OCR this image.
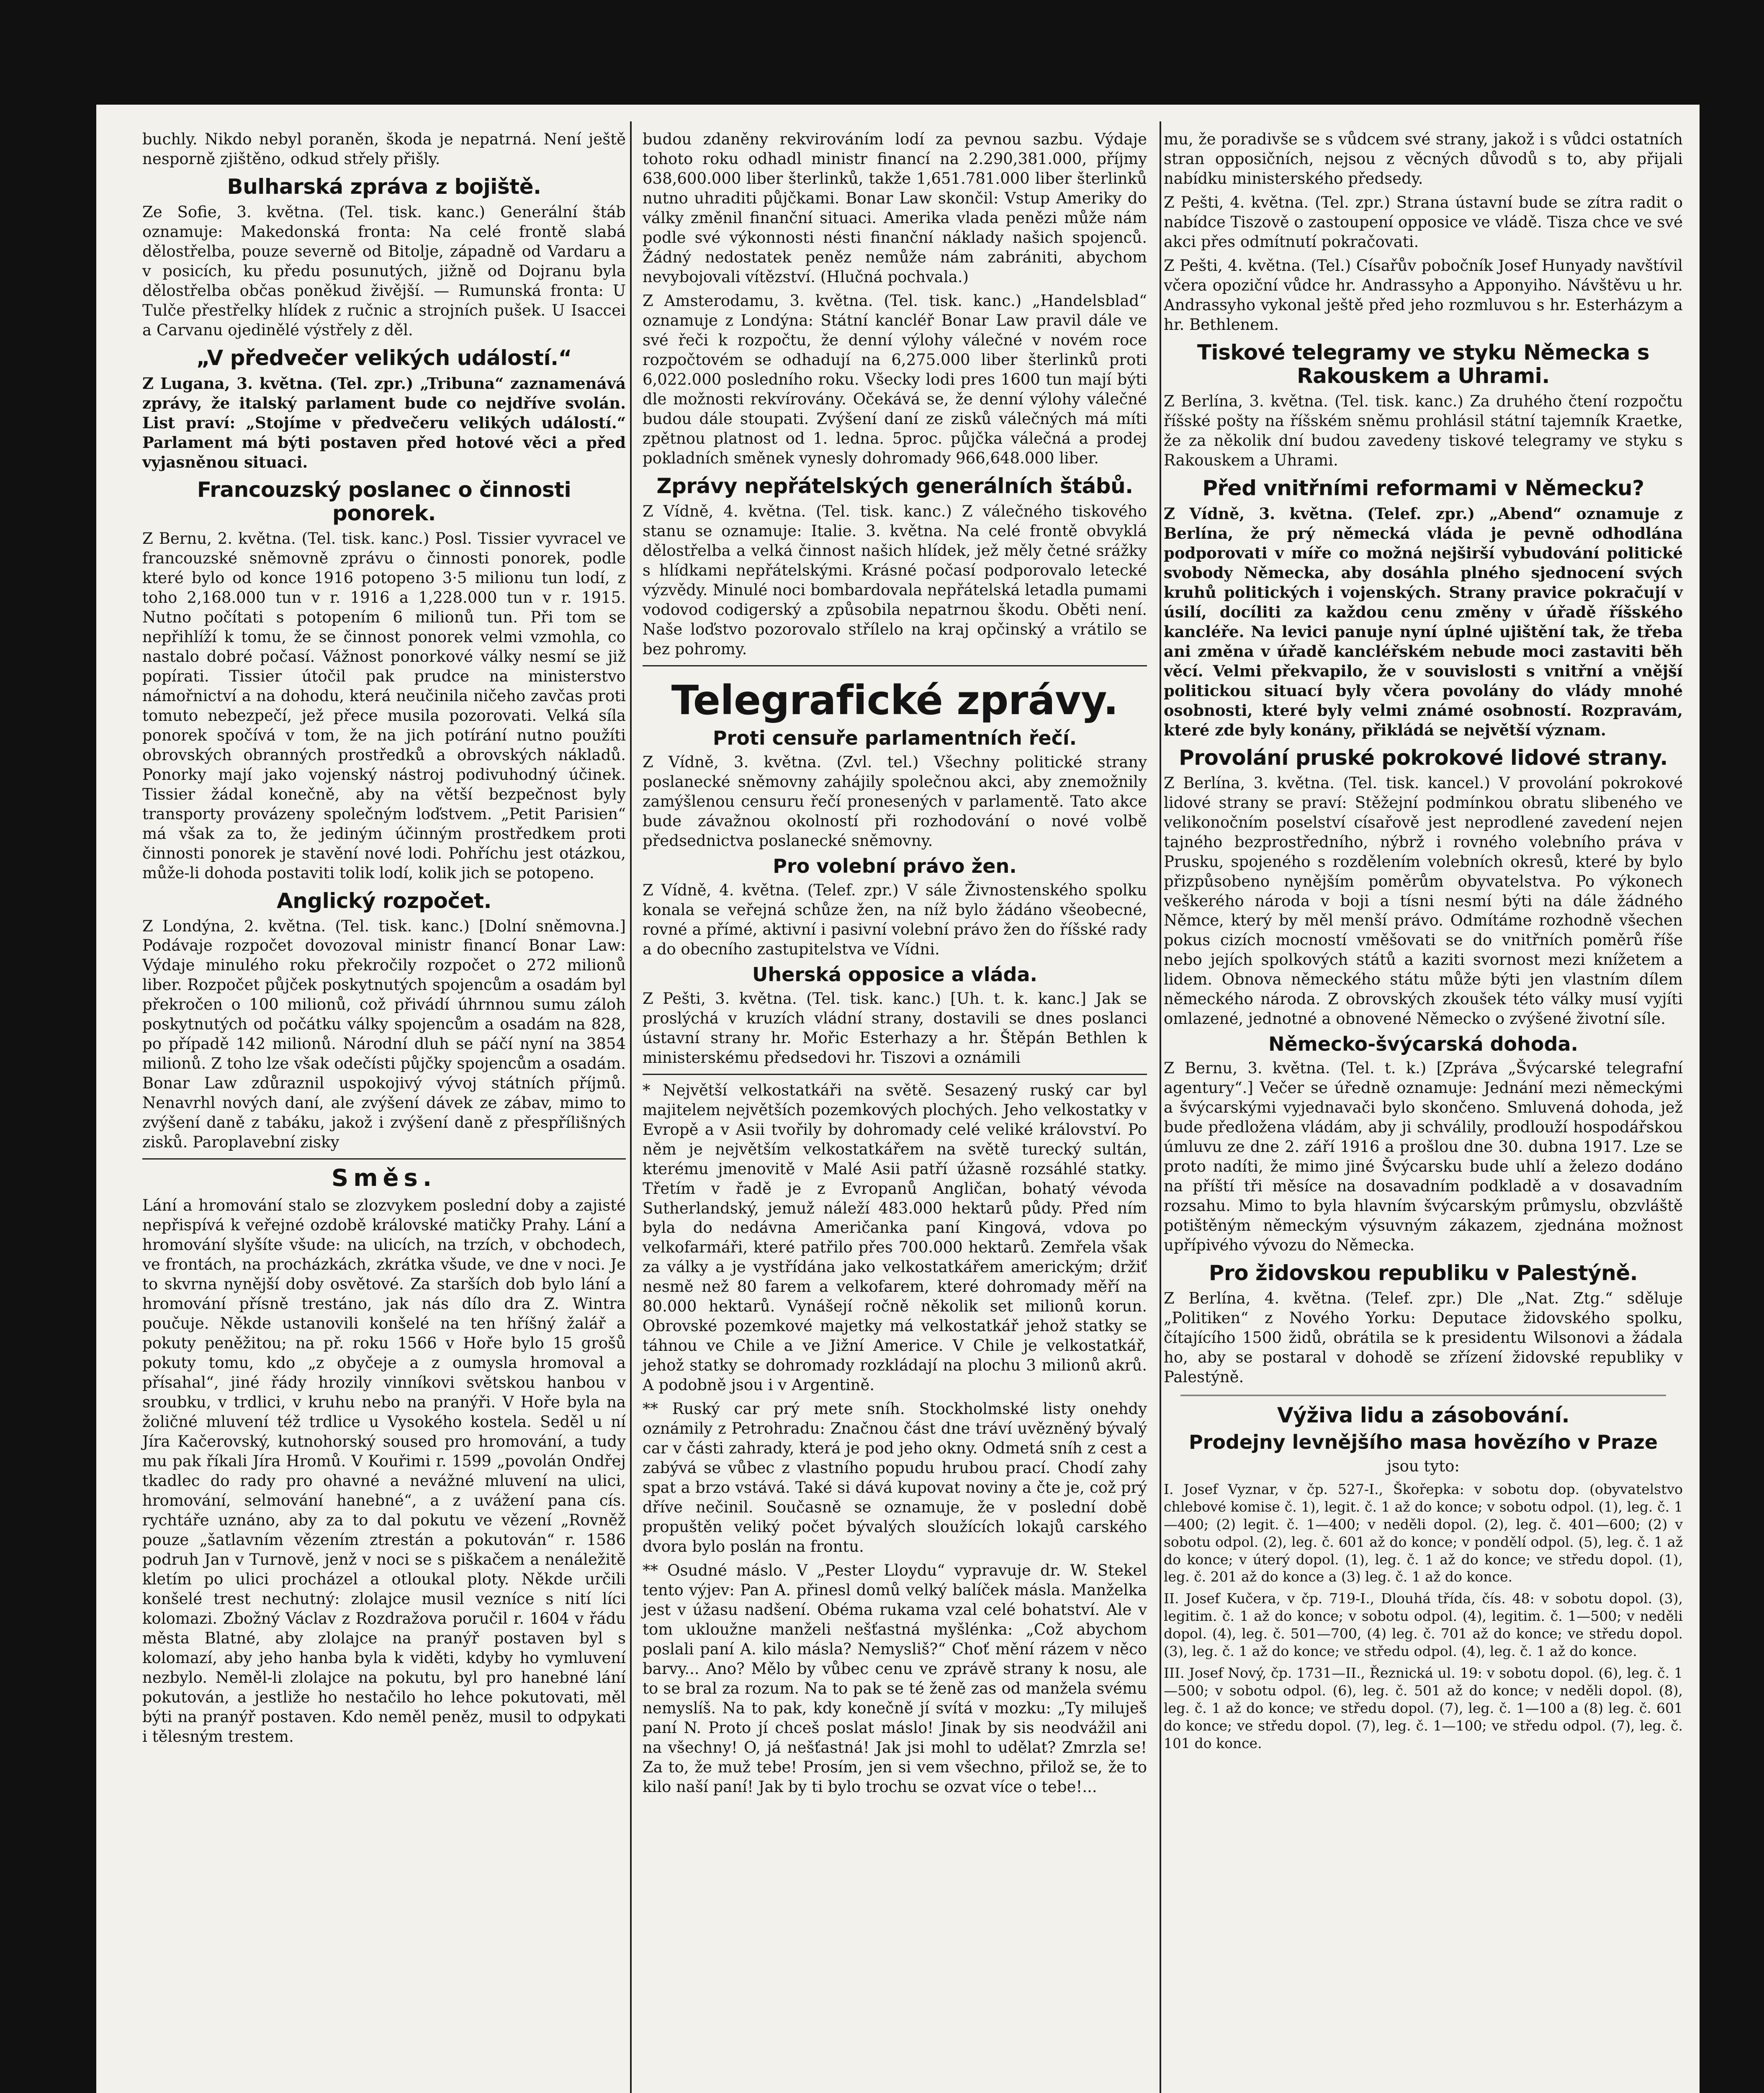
buchly. Nikdo nebyl poraněn, škoda je nepatrná. Není ještě nesporně zjištěno, odkud střely přišly.

Bulharská zpráva z bojiště.

Ze Sofie, 3. května. (Tel. tisk. kanc.) Generální štáb oznamuje: Makedonská fronta: Na celé frontě slabá dělostřelba, pouze severně od Bitolje, západně od Vardaru a v posicích, ku předu posunutých, jižně od Dojranu byla dělostřelba občas poněkud živější. — Rumunská fronta: U Tulče přestřelky hlídek z ručnic a strojních pušek. U Isaccei a Carvanu ojedinělé výstřely z děl.

„V předvečer velikých událostí.“

Z Lugana, 3. května. (Tel. zpr.) „Tribuna“ zaznamenává zprávy, že italský parlament bude co nejdříve svolán. List praví: „Stojíme v předvečeru velikých událostí.“ Parlament má býti postaven před hotové věci a před vyjasněnou situaci.

Francouzský poslanec o činnosti ponorek.

Z Bernu, 2. května. (Tel. tisk. kanc.) Posl. Tissier vyvracel ve francouzské sněmovně zprávu o činnosti ponorek, podle které bylo od konce 1916 potopeno 3·5 milionu tun lodí, z toho 2,168.000 tun v r. 1916 a 1,228.000 tun v r. 1915. Nutno počítati s potopením 6 milionů tun. Při tom se nepřihlíží k tomu, že se činnost ponorek velmi vzmohla, co nastalo dobré počasí. Vážnost ponorkové války nesmí se již popírati. Tissier útočil pak prudce na ministerstvo námořnictví a na dohodu, která neučinila ničeho zavčas proti tomuto nebezpečí, jež přece musila pozorovati. Velká síla ponorek spočívá v tom, že na jich potírání nutno použíti obrovských obranných prostředků a obrovských nákladů. Ponorky mají jako vojenský nástroj podivuhodný účinek. Tissier žádal konečně, aby na větší bezpečnost byly transporty provázeny společným loďstvem. „Petit Parisien“ má však za to, že jediným účinným prostředkem proti činnosti ponorek je stavění nové lodi. Pohříchu jest otázkou, může-li dohoda postaviti tolik lodí, kolik jich se potopeno.

Anglický rozpočet.

Z Londýna, 2. května. (Tel. tisk. kanc.) [Dolní sněmovna.] Podávaje rozpočet dovozoval ministr financí Bonar Law: Výdaje minulého roku překročily rozpočet o 272 milionů liber. Rozpočet půjček poskytnutých spojencům a osadám byl překročen o 100 milionů, což přivádí úhrnnou sumu záloh poskytnutých od počátku války spojencům a osadám na 828, po případě 142 milionů. Národní dluh se páčí nyní na 3854 milionů. Z toho lze však odečísti půjčky spojencům a osadám. Bonar Law zdůraznil uspokojivý vývoj státních příjmů. Nenavrhl nových daní, ale zvýšení dávek ze zábav, mimo to zvýšení daně z tabáku, jakož i zvýšení daně z přespřílišných zisků. Paroplavební zisky

Směs.

Lání a hromování stalo se zlozvykem poslední doby a zajisté nepřispívá k veřejné ozdobě královské matičky Prahy. Lání a hromování slyšíte všude: na ulicích, na trzích, v obchodech, ve frontách, na procházkách, zkrátka všude, ve dne v noci. Je to skvrna nynější doby osvětové. Za starších dob bylo lání a hromování přísně trestáno, jak nás dílo dra Z. Wintra poučuje. Někde ustanovili konšelé na ten hříšný žalář a pokuty peněžitou; na př. roku 1566 v Hoře bylo 15 grošů pokuty tomu, kdo „z obyčeje a z oumysla hromoval a přísahal“, jiné řády hrozily vinníkovi světskou hanbou v sroubku, v trdlici, v kruhu nebo na pranýři. V Hoře byla na žoličné mluvení též trdlice u Vysokého kostela. Seděl u ní Jíra Kačerovský, kutnohorský soused pro hromování, a tudy mu pak říkali Jíra Hromů. V Kouřimi r. 1599 „povolán Ondřej tkadlec do rady pro ohavné a nevážné mluvení na ulici, hromování, selmování hanebné“, a z uvážení pana cís. rychtáře uznáno, aby za to dal pokutu ve vězení „Rovněž pouze „šatlavním vězením ztrestán a pokutován“ r. 1586 podruh Jan v Turnově, jenž v noci se s piškačem a nenáležitě kletím po ulici procházel a otloukal ploty. Někde určili konšelé trest nechutný: zlolajce musil vezníce s nití líci kolomazi. Zbožný Václav z Rozdražova poručil r. 1604 v řádu města Blatné, aby zlolajce na pranýř postaven byl s kolomazí, aby jeho hanba byla k viděti, kdyby ho vymluvení nezbylo. Neměl-li zlolajce na pokutu, byl pro hanebné lání pokutován, a jestliže ho nestačilo ho lehce pokutovati, měl býti na pranýř postaven. Kdo neměl peněz, musil to odpykati i tělesným trestem.

budou zdaněny rekvirováním lodí za pevnou sazbu. Výdaje tohoto roku odhadl ministr financí na 2.290,381.000, příjmy 638,600.000 liber šterlinků, takže 1,651.781.000 liber šterlinků nutno uhraditi půjčkami. Bonar Law skončil: Vstup Ameriky do války změnil finanční situaci. Amerika vlada penězi může nám podle své výkonnosti nésti finanční náklady našich spojenců. Žádný nedostatek peněz nemůže nám zabrániti, abychom nevybojovali vítězství. (Hlučná pochvala.)

Z Amsterodamu, 3. května. (Tel. tisk. kanc.) „Handelsblad“ oznamuje z Londýna: Státní kancléř Bonar Law pravil dále ve své řeči k rozpočtu, že denní výlohy válečné v novém roce rozpočtovém se odhadují na 6,275.000 liber šterlinků proti 6,022.000 posledního roku. Všecky lodi pres 1600 tun mají býti dle možnosti rekvírovány. Očekává se, že denní výlohy válečné budou dále stoupati. Zvýšení daní ze zisků válečných má míti zpětnou platnost od 1. ledna. 5proc. půjčka válečná a prodej pokladních směnek vynesly dohromady 966,648.000 liber.

Zprávy nepřátelských generálních štábů.

Z Vídně, 4. května. (Tel. tisk. kanc.) Z válečného tiskového stanu se oznamuje: Italie. 3. května. Na celé frontě obvyklá dělostřelba a velká činnost našich hlídek, jež měly četné srážky s hlídkami nepřátelskými. Krásné počasí podporovalo letecké výzvědy. Minulé noci bombardovala nepřátelská letadla pumami vodovod codigerský a způsobila nepatrnou škodu. Oběti není. Naše loďstvo pozorovalo střílelo na kraj opčinský a vrátilo se bez pohromy.

Telegrafické zprávy.
Proti censuře parlamentních řečí.

Z Vídně, 3. května. (Zvl. tel.) Všechny politické strany poslanecké sněmovny zahájily společnou akci, aby znemožnily zamýšlenou censuru řečí pronesených v parlamentě. Tato akce bude závažnou okolností při rozhodování o nové volbě předsednictva poslanecké sněmovny.

Pro volební právo žen.

Z Vídně, 4. května. (Telef. zpr.) V sále Živnostenského spolku konala se veřejná schůze žen, na níž bylo žádáno všeobecné, rovné a přímé, aktivní i pasivní volební právo žen do říšské rady a do obecního zastupitelstva ve Vídni.

Uherská opposice a vláda.

Z Pešti, 3. května. (Tel. tisk. kanc.) [Uh. t. k. kanc.] Jak se proslýchá v kruzích vládní strany, dostavili se dnes poslanci ústavní strany hr. Mořic Esterhazy a hr. Štěpán Bethlen k ministerskému předsedovi hr. Tiszovi a oznámili

* Největší velkostatkáři na světě. Sesazený ruský car byl majitelem největších pozemkových plochých. Jeho velkostatky v Evropě a v Asii tvořily by dohromady celé veliké království. Po něm je největším velkostatkářem na světě turecký sultán, kterému jmenovitě v Malé Asii patří úžasně rozsáhlé statky. Třetím v řadě je z Evropanů Angličan, bohatý vévoda Sutherlandský, jemuž náleží 483.000 hektarů půdy. Před ním byla do nedávna Američanka paní Kingová, vdova po velkofarmáři, které patřilo přes 700.000 hektarů. Zemřela však za války a je vystřídána jako velkostatkářem americkým; držiť nesmě než 80 farem a velkofarem, které dohromady měří na 80.000 hektarů. Vynášejí ročně několik set milionů korun. Obrovské pozemkové majetky má velkostatkář jehož statky se táhnou ve Chile a ve Jižní Americe. V Chile je velkostatkář, jehož statky se dohromady rozkládají na plochu 3 milionů akrů. A podobně jsou i v Argentině.

** Ruský car prý mete sníh. Stockholmské listy onehdy oznámily z Petrohradu: Značnou část dne tráví uvězněný bývalý car v části zahrady, která je pod jeho okny. Odmetá sníh z cest a zabývá se vůbec z vlastního popudu hrubou prací. Chodí zahy spat a brzo vstává. Také si dává kupovat noviny a čte je, což prý dříve nečinil. Současně se oznamuje, že v poslední době propuštěn veliký počet bývalých sloužících lokajů carského dvora bylo poslán na frontu.

** Osudné máslo. V „Pester Lloydu“ vypravuje dr. W. Stekel tento výjev: Pan A. přinesl domů velký balíček másla. Manželka jest v úžasu nadšení. Obéma rukama vzal celé bohatství. Ale v tom ukloužne manželi nešťastná myšlénka: „Což abychom poslali paní A. kilo másla? Nemysliš?“ Choť mění rázem v něco barvy... Ano? Mělo by vůbec cenu ve zprávě strany k nosu, ale to se bral za rozum. Na to pak se té ženě zas od manžela svému nemyslíš. Na to pak, kdy konečně jí svítá v mozku: „Ty miluješ paní N. Proto jí chceš poslat máslo! Jinak by sis neodvážil ani na všechny! O, já nešťastná! Jak jsi mohl to udělat? Zmrzla se! Za to, že muž tebe! Prosím, jen si vem všechno, přilož se, že to kilo naší paní! Jak by ti bylo trochu se ozvat více o tebe!...

mu, že poradivše se s vůdcem své strany, jakož i s vůdci ostatních stran opposičních, nejsou z věcných důvodů s to, aby přijali nabídku ministerského předsedy.

Z Pešti, 4. května. (Tel. zpr.) Strana ústavní bude se zítra radit o nabídce Tiszově o zastoupení opposice ve vládě. Tisza chce ve své akci přes odmítnutí pokračovati.

Z Pešti, 4. května. (Tel.) Císařův pobočník Josef Hunyady navštívil včera opoziční vůdce hr. Andrassyho a Apponyiho. Návštěvu u hr. Andrassyho vykonal ještě před jeho rozmluvou s hr. Esterházym a hr. Bethlenem.

Tiskové telegramy ve styku Německa s Rakouskem a Uhrami.

Z Berlína, 3. května. (Tel. tisk. kanc.) Za druhého čtení rozpočtu říšské pošty na říšském sněmu prohlásil státní tajemník Kraetke, že za několik dní budou zavedeny tiskové telegramy ve styku s Rakouskem a Uhrami.

Před vnitřními reformami v Německu?

Z Vídně, 3. května. (Telef. zpr.) „Abend“ oznamuje z Berlína, že prý německá vláda je pevně odhodlána podporovati v míře co možná nejširší vybudování politické svobody Německa, aby dosáhla plného sjednocení svých kruhů politických i vojenských. Strany pravice pokračují v úsilí, docíliti za každou cenu změny v úřadě říšského kancléře. Na levici panuje nyní úplné ujištění tak, že třeba ani změna v úřadě kancléřském nebude moci zastaviti běh věcí. Velmi překvapilo, že v souvislosti s vnitřní a vnější politickou situací byly včera povolány do vlády mnohé osobnosti, které byly velmi známé osobností. Rozpravám, které zde byly konány, přikládá se největší význam.

Provolání pruské pokrokové lidové strany.

Z Berlína, 3. května. (Tel. tisk. kancel.) V provolání pokrokové lidové strany se praví: Stěžejní podmínkou obratu slibeného ve velikonočním poselství císařově jest neprodlené zavedení nejen tajného bezprostředního, nýbrž i rovného volebního práva v Prusku, spojeného s rozdělením volebních okresů, které by bylo přizpůsobeno nynějším poměrům obyvatelstva. Po výkonech veškerého národa v boji a tísni nesmí býti na dále žádného Němce, který by měl menší právo. Odmítáme rozhodně všechen pokus cizích mocností vměšovati se do vnitřních poměrů říše nebo jejích spolkových států a kaziti svornost mezi knížetem a lidem. Obnova německého státu může býti jen vlastním dílem německého národa. Z obrovských zkoušek této války musí vyjíti omlazené, jednotné a obnovené Německo o zvýšené životní síle.

Německo-švýcarská dohoda.

Z Bernu, 3. května. (Tel. t. k.) [Zpráva „Švýcarské telegrafní agentury“.] Večer se úředně oznamuje: Jednání mezi německými a švýcarskými vyjednavači bylo skončeno. Smluvená dohoda, jež bude předložena vládám, aby ji schválily, prodlouží hospodářskou úmluvu ze dne 2. září 1916 a prošlou dne 30. dubna 1917. Lze se proto nadíti, že mimo jiné Švýcarsku bude uhlí a železo dodáno na příští tři měsíce na dosavadním podkladě a v dosavadním rozsahu. Mimo to byla hlavním švýcarským průmyslu, obzvláště potištěným německým výsuvným zákazem, zjednána možnost upřípivého vývozu do Německa.

Pro židovskou republiku v Palestýně.

Z Berlína, 4. května. (Telef. zpr.) Dle „Nat. Ztg.“ sděluje „Politiken“ z Nového Yorku: Deputace židovského spolku, čítajícího 1500 židů, obrátila se k presidentu Wilsonovi a žádala ho, aby se postaral v dohodě se zřízení židovské republiky v Palestýně.

Výživa lidu a zásobování.
Prodejny levnějšího masa hovězího v Praze

jsou tyto:

I. Josef Vyznar, v čp. 527-I., Škořepka: v sobotu dop. (obyvatelstvo chlebové komise č. 1), legit. č. 1 až do konce; v sobotu odpol. (1), leg. č. 1—400; (2) legit. č. 1—400; v neděli dopol. (2), leg. č. 401—600; (2) v sobotu odpol. (2), leg. č. 601 až do konce; v pondělí odpol. (5), leg. č. 1 až do konce; v úterý dopol. (1), leg. č. 1 až do konce; ve středu dopol. (1), leg. č. 201 až do konce a (3) leg. č. 1 až do konce.

II. Josef Kučera, v čp. 719-I., Dlouhá třída, čís. 48: v sobotu dopol. (3), legitim. č. 1 až do konce; v sobotu odpol. (4), legitim. č. 1—500; v neděli dopol. (4), leg. č. 501—700, (4) leg. č. 701 až do konce; ve středu dopol. (3), leg. č. 1 až do konce; ve středu odpol. (4), leg. č. 1 až do konce.

III. Josef Nový, čp. 1731—II., Řeznická ul. 19: v sobotu dopol. (6), leg. č. 1—500; v sobotu odpol. (6), leg. č. 501 až do konce; v neděli dopol. (8), leg. č. 1 až do konce; ve středu dopol. (7), leg. č. 1—100 a (8) leg. č. 601 do konce; ve středu dopol. (7), leg. č. 1—100; ve středu odpol. (7), leg. č. 101 do konce.
